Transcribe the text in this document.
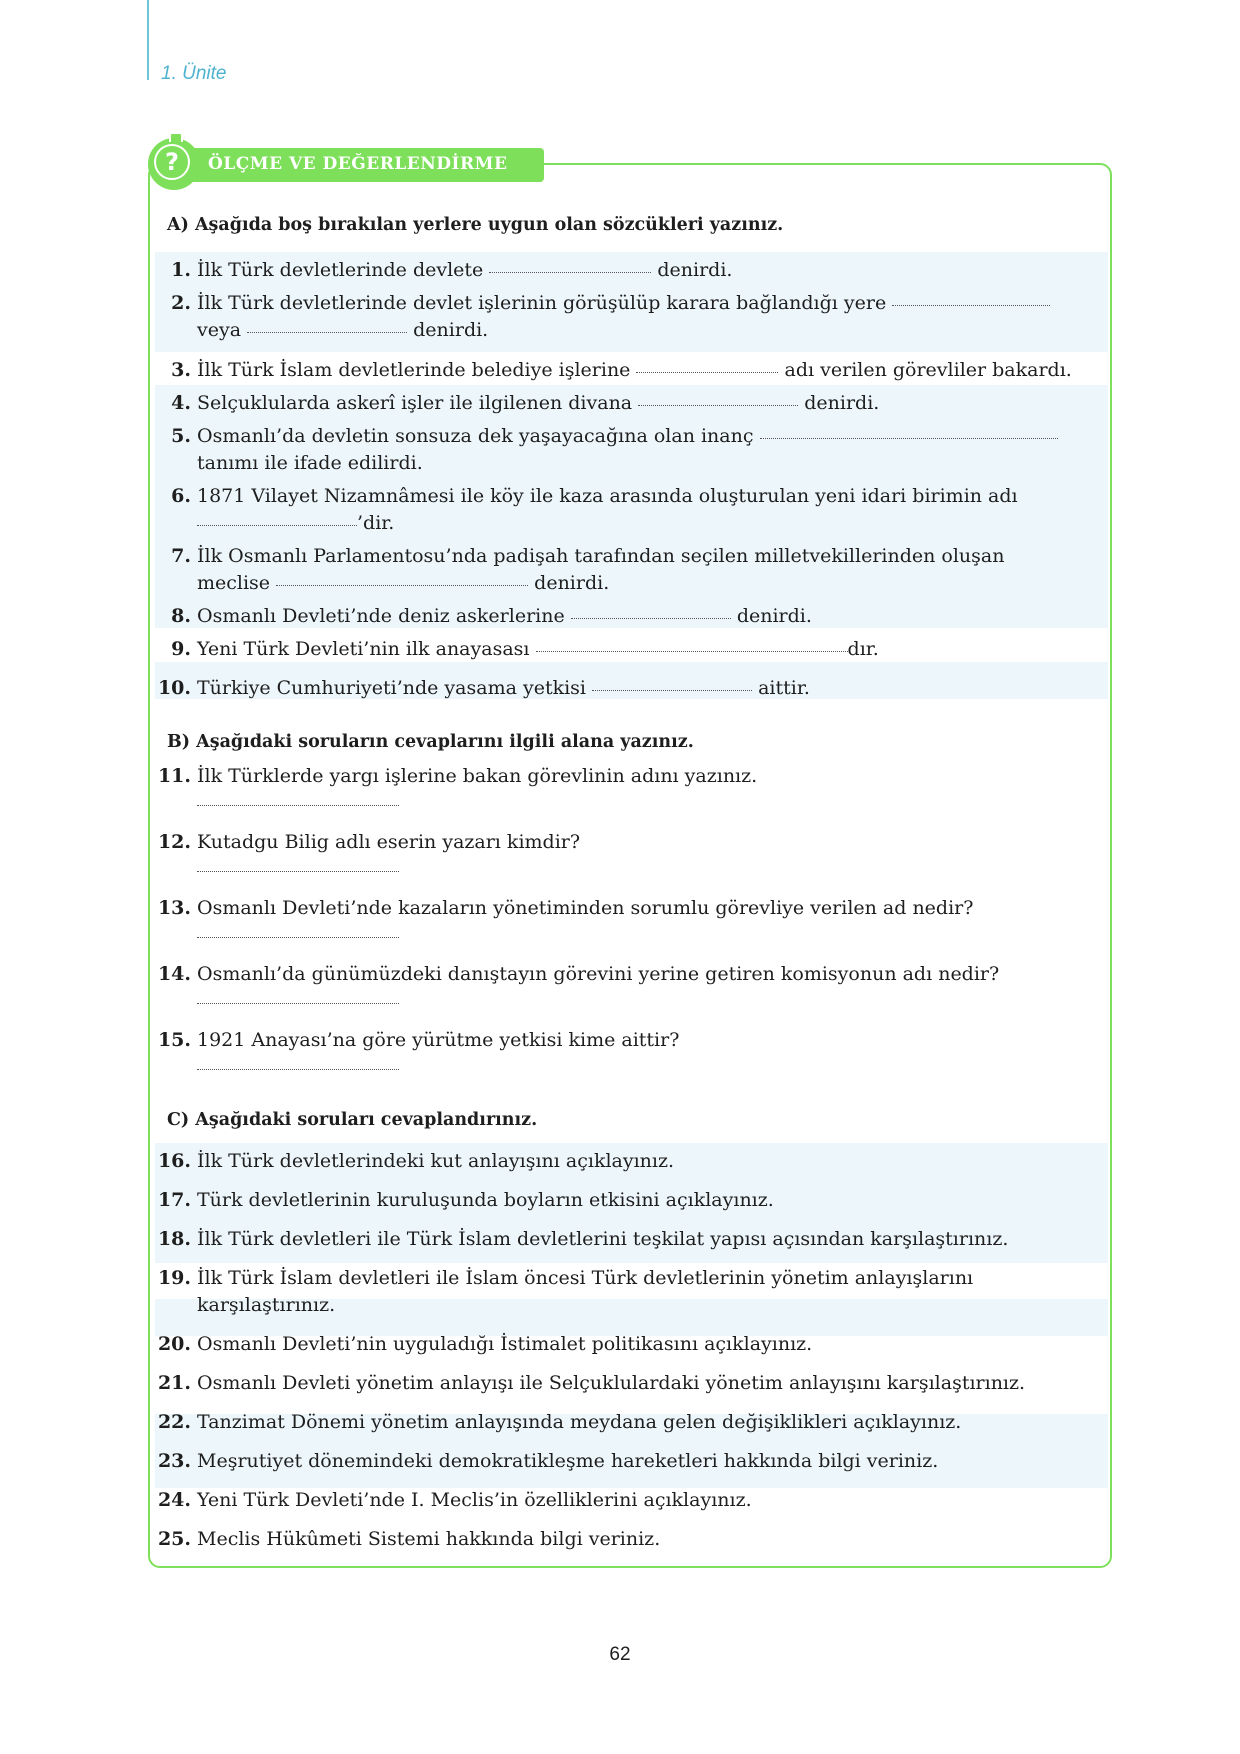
1. Ünite
?	ÖLÇME VE DEĞERLENDİRME
A) Aşağıda boş bırakılan yerlere uygun olan sözcükleri yazınız.
1. İlk Türk devletlerinde devlete	denirdi.
2. İlk Türk devletlerinde devlet işlerinin görüşülüp karara bağlandığı yere
veya	denirdi.
3. İlk Türk İslam devletlerinde belediye işlerine	adı verilen görevliler bakardı.
4. Selçuklularda askerî işler ile ilgilenen divana	denirdi.
5. Osmanlı’da devletin sonsuza dek yaşayacağına olan inanç
tanımı ile ifade edilirdi.
6. 1871 Vilayet Nizamnâmesi ile köy ile kaza arasında oluşturulan yeni idari birimin adı
’dir.
7. İlk Osmanlı Parlamentosu’nda padişah tarafından seçilen milletvekillerinden oluşan
meclise	denirdi.
8. Osmanlı Devleti’nde deniz askerlerine	denirdi.
9. Yeni Türk Devleti’nin ilk anayasası	dır.
10. Türkiye Cumhuriyeti’nde yasama yetkisi	aittir.
B) Aşağıdaki soruların cevaplarını ilgili alana yazınız.
11. İlk Türklerde yargı işlerine bakan görevlinin adını yazınız.
12. Kutadgu Bilig adlı eserin yazarı kimdir?
13. Osmanlı Devleti’nde kazaların yönetiminden sorumlu görevliye verilen ad nedir?
14. Osmanlı’da günümüzdeki danıştayın görevini yerine getiren komisyonun adı nedir?
15. 1921 Anayası’na göre yürütme yetkisi kime aittir?
C) Aşağıdaki soruları cevaplandırınız.
16. İlk Türk devletlerindeki kut anlayışını açıklayınız.
17. Türk devletlerinin kuruluşunda boyların etkisini açıklayınız.
18. İlk Türk devletleri ile Türk İslam devletlerini teşkilat yapısı açısından karşılaştırınız.
19. İlk Türk İslam devletleri ile İslam öncesi Türk devletlerinin yönetim anlayışlarını
karşılaştırınız.
20. Osmanlı Devleti’nin uyguladığı İstimalet politikasını açıklayınız.
21. Osmanlı Devleti yönetim anlayışı ile Selçuklulardaki yönetim anlayışını karşılaştırınız.
22. Tanzimat Dönemi yönetim anlayışında meydana gelen değişiklikleri açıklayınız.
23. Meşrutiyet dönemindeki demokratikleşme hareketleri hakkında bilgi veriniz.
24. Yeni Türk Devleti’nde I. Meclis’in özelliklerini açıklayınız.
25. Meclis Hükûmeti Sistemi hakkında bilgi veriniz.
62
